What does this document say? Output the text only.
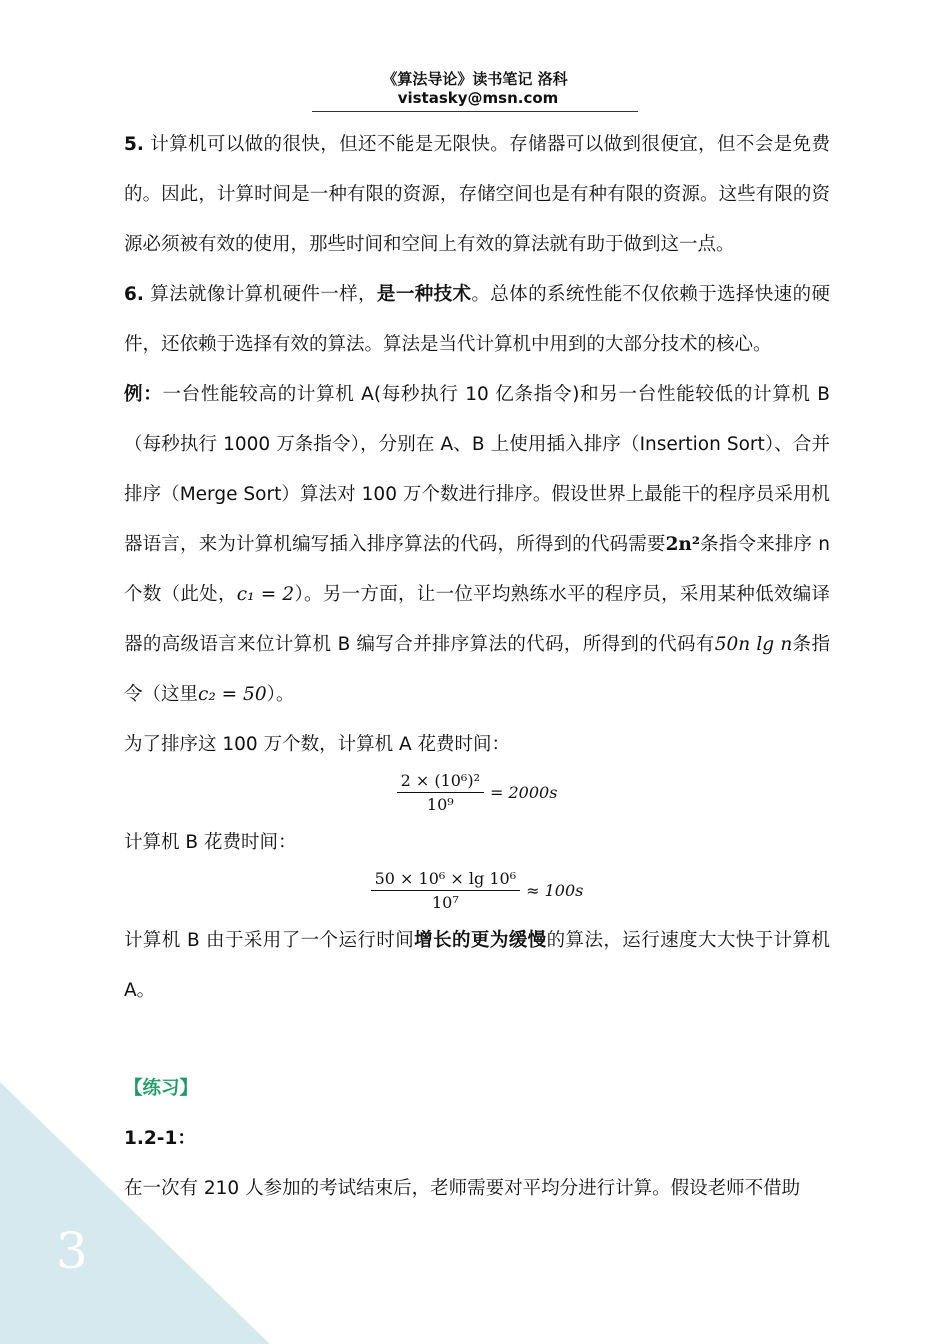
《算法导论》读书笔记 洛科 vistasky@msn.com

5. 计算机可以做的很快，但还不能是无限快。存储器可以做到很便宜，但不会是免费的。因此，计算时间是一种有限的资源，存储空间也是有种有限的资源。这些有限的资源必须被有效的使用，那些时间和空间上有效的算法就有助于做到这一点。

6. 算法就像计算机硬件一样，是一种技术。总体的系统性能不仅依赖于选择快速的硬件，还依赖于选择有效的算法。算法是当代计算机中用到的大部分技术的核心。

例：一台性能较高的计算机 A(每秒执行 10 亿条指令)和另一台性能较低的计算机 B（每秒执行 1000 万条指令），分别在 A、B 上使用插入排序（Insertion Sort）、合并排序（Merge Sort）算法对 100 万个数进行排序。假设世界上最能干的程序员采用机器语言，来为计算机编写插入排序算法的代码，所得到的代码需要2n²条指令来排序 n 个数（此处，c₁ = 2）。另一方面，让一位平均熟练水平的程序员，采用某种低效编译器的高级语言来位计算机 B 编写合并排序算法的代码，所得到的代码有50n lg n条指令（这里c₂ = 50）。

为了排序这 100 万个数，计算机 A 花费时间：

$\frac{\text{2 × (10⁶)²}}{\text{10⁹}} = 2000s$

计算机 B 花费时间：

$\frac{\text{50 × 10⁶ × lg 10⁶}}{\text{10⁷}} \approx 100s$

计算机 B 由于采用了一个运行时间增长的更为缓慢的算法，运行速度大大快于计算机 A。

【练习】

1.2-1：

在一次有 210 人参加的考试结束后，老师需要对平均分进行计算。假设老师不借助

3
